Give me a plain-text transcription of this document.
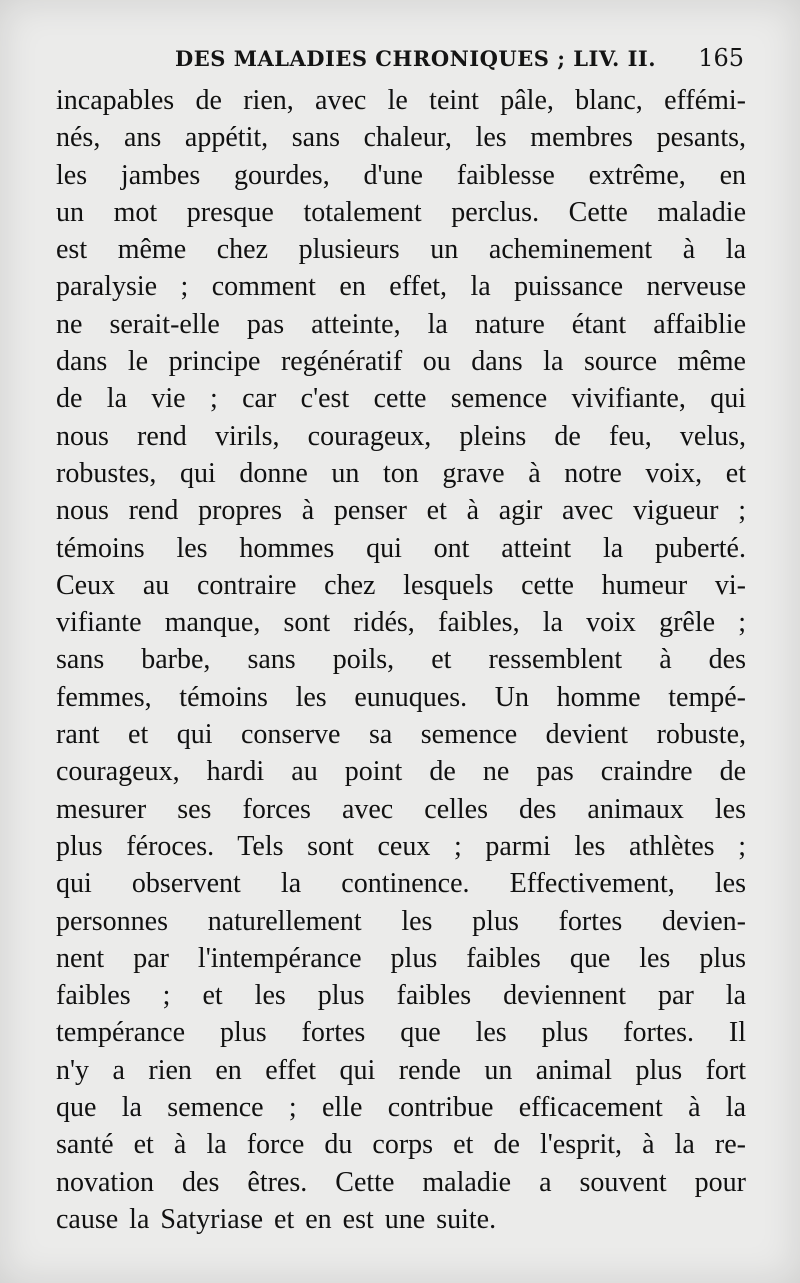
DES MALADIES CHRONIQUES ; LIV. II. 165
incapables de rien, avec le teint pâle, blanc, effémi-
nés, ans appétit, sans chaleur, les membres pesants,
les jambes gourdes, d'une faiblesse extrême, en
un mot presque totalement perclus. Cette maladie
est même chez plusieurs un acheminement à la
paralysie ; comment en effet, la puissance nerveuse
ne serait-elle pas atteinte, la nature étant affaiblie
dans le principe regénératif ou dans la source même
de la vie ; car c'est cette semence vivifiante, qui
nous rend virils, courageux, pleins de feu, velus,
robustes, qui donne un ton grave à notre voix, et
nous rend propres à penser et à agir avec vigueur ;
témoins les hommes qui ont atteint la puberté.
Ceux au contraire chez lesquels cette humeur vi-
vifiante manque, sont ridés, faibles, la voix grêle ;
sans barbe, sans poils, et ressemblent à des
femmes, témoins les eunuques. Un homme tempé-
rant et qui conserve sa semence devient robuste,
courageux, hardi au point de ne pas craindre de
mesurer ses forces avec celles des animaux les
plus féroces. Tels sont ceux ; parmi les athlètes ;
qui observent la continence. Effectivement, les
personnes naturellement les plus fortes devien-
nent par l'intempérance plus faibles que les plus
faibles ; et les plus faibles deviennent par la
tempérance plus fortes que les plus fortes. Il
n'y a rien en effet qui rende un animal plus fort
que la semence ; elle contribue efficacement à la
santé et à la force du corps et de l'esprit, à la re-
novation des êtres. Cette maladie a souvent pour
cause la Satyriase et en est une suite.
